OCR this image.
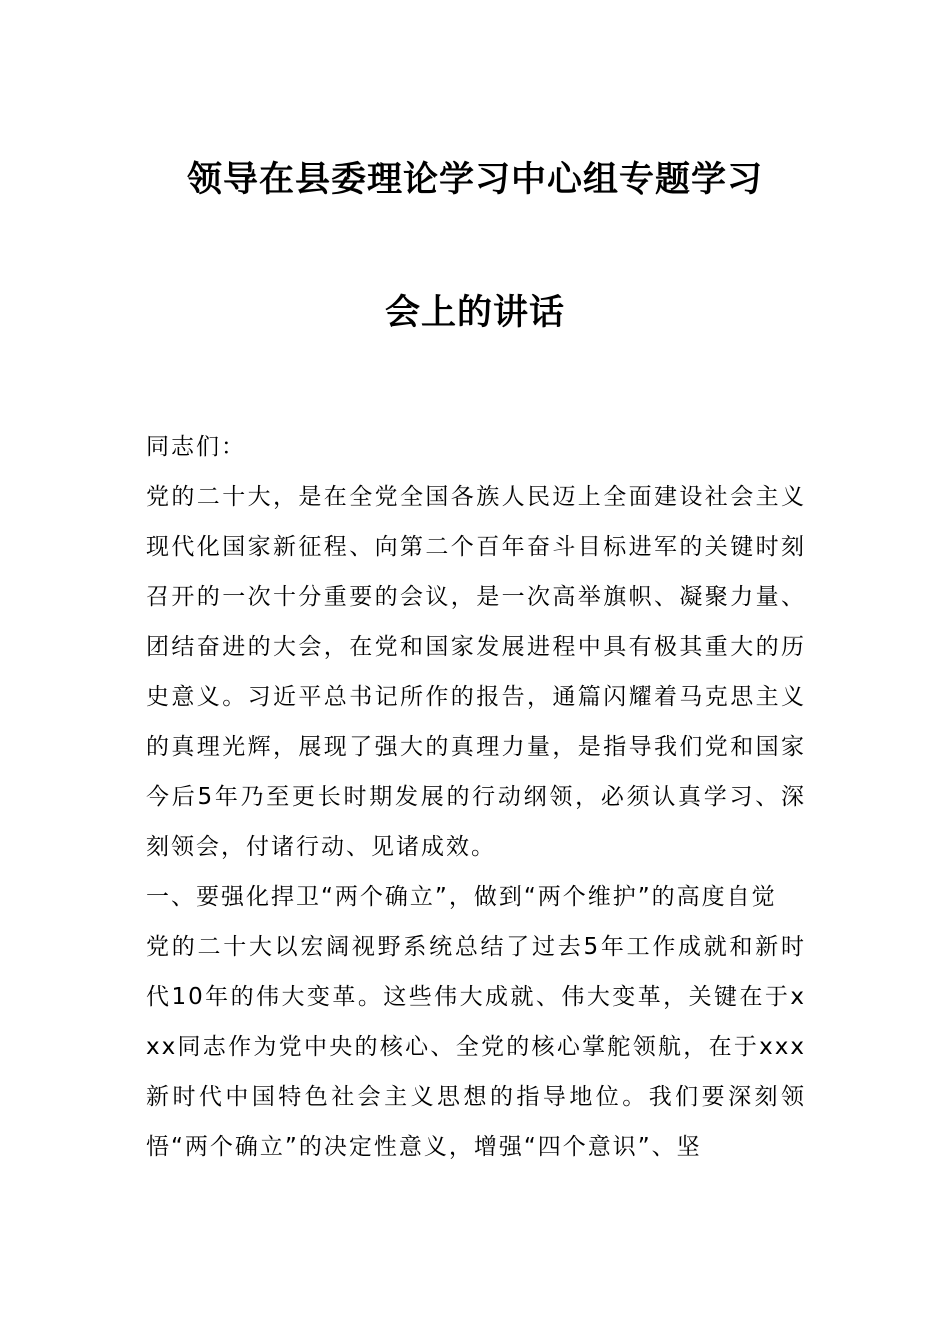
领导在县委理论学习中心组专题学习
会上的讲话

同志们：

党的二十大，是在全党全国各族人民迈上全面建设社会主义现代化国家新征程、向第二个百年奋斗目标进军的关键时刻召开的一次十分重要的会议，是一次高举旗帜、凝聚力量、团结奋进的大会，在党和国家发展进程中具有极其重大的历史意义。习近平总书记所作的报告，通篇闪耀着马克思主义的真理光辉，展现了强大的真理力量，是指导我们党和国家今后5年乃至更长时期发展的行动纲领，必须认真学习、深刻领会，付诸行动、见诸成效。

一、要强化捍卫“两个确立”，做到“两个维护”的高度自觉

党的二十大以宏阔视野系统总结了过去5年工作成就和新时代10年的伟大变革。这些伟大成就、伟大变革，关键在于xxx同志作为党中央的核心、全党的核心掌舵领航，在于xxx新时代中国特色社会主义思想的指导地位。我们要深刻领悟“两个确立”的决定性意义，增强“四个意识”、坚
